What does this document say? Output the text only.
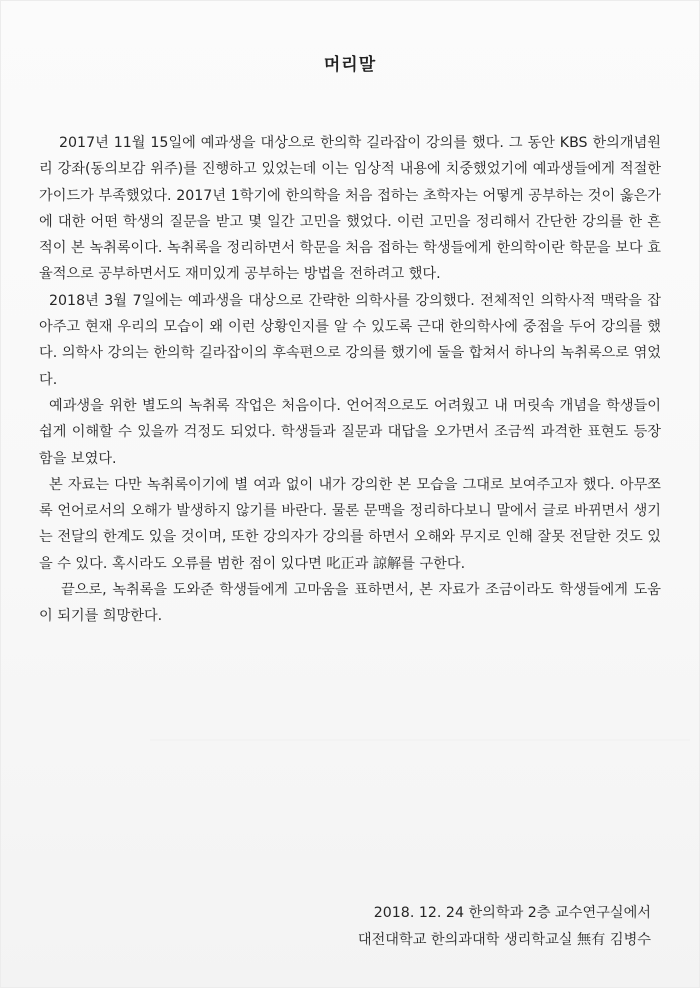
머리말

2017년 11월 15일에 예과생을 대상으로 한의학 길라잡이 강의를 했다. 그 동안 KBS 한의개념원리 강좌(동의보감 위주)를 진행하고 있었는데 이는 임상적 내용에 치중했었기에 예과생들에게 적절한 가이드가 부족했었다. 2017년 1학기에 한의학을 처음 접하는 초학자는 어떻게 공부하는 것이 옳은가에 대한 어떤 학생의 질문을 받고 몇 일간 고민을 했었다. 이런 고민을 정리해서 간단한 강의를 한 흔적이 본 녹취록이다. 녹취록을 정리하면서 학문을 처음 접하는 학생들에게 한의학이란 학문을 보다 효율적으로 공부하면서도 재미있게 공부하는 방법을 전하려고 했다.

2018년 3월 7일에는 예과생을 대상으로 간략한 의학사를 강의했다. 전체적인 의학사적 맥락을 잡아주고 현재 우리의 모습이 왜 이런 상황인지를 알 수 있도록 근대 한의학사에 중점을 두어 강의를 했다. 의학사 강의는 한의학 길라잡이의 후속편으로 강의를 했기에 둘을 합쳐서 하나의 녹취록으로 엮었다.

예과생을 위한 별도의 녹취록 작업은 처음이다. 언어적으로도 어려웠고 내 머릿속 개념을 학생들이 쉽게 이해할 수 있을까 걱정도 되었다. 학생들과 질문과 대답을 오가면서 조금씩 과격한 표현도 등장함을 보였다.

본 자료는 다만 녹취록이기에 별 여과 없이 내가 강의한 본 모습을 그대로 보여주고자 했다. 아무쪼록 언어로서의 오해가 발생하지 않기를 바란다. 물론 문맥을 정리하다보니 말에서 글로 바뀌면서 생기는 전달의 한계도 있을 것이며, 또한 강의자가 강의를 하면서 오해와 무지로 인해 잘못 전달한 것도 있을 수 있다. 혹시라도 오류를 범한 점이 있다면 叱正과 諒解를 구한다.

끝으로, 녹취록을 도와준 학생들에게 고마움을 표하면서, 본 자료가 조금이라도 학생들에게 도움이 되기를 희망한다.

2018. 12. 24 한의학과 2층 교수연구실에서
대전대학교 한의과대학 생리학교실 無有 김병수
